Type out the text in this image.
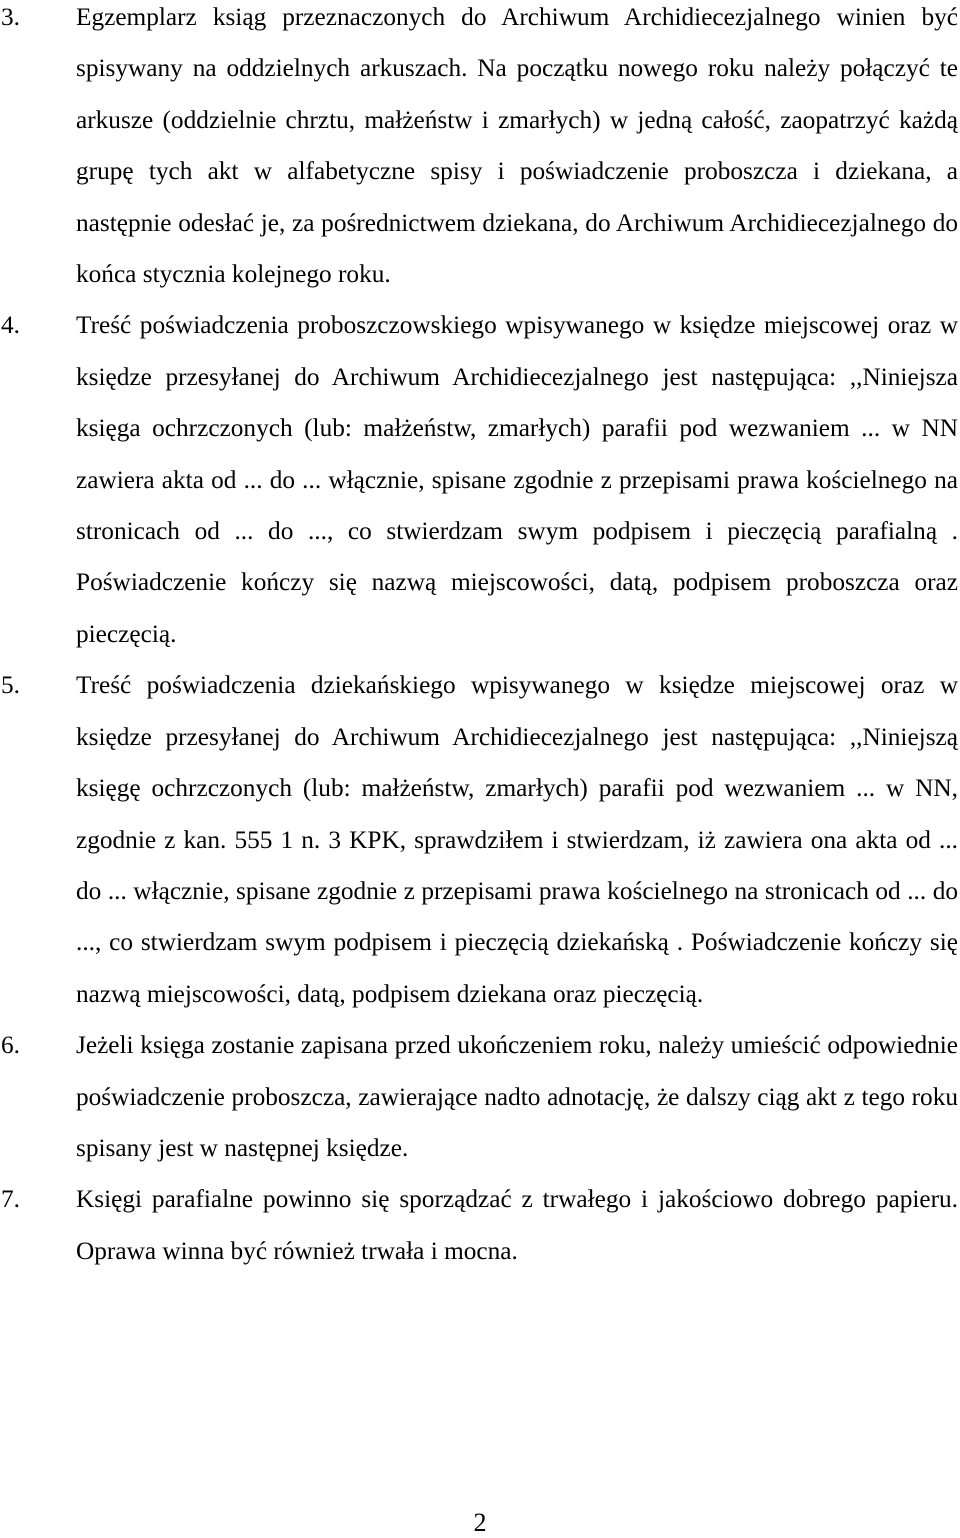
3. Egzemplarz ksiąg przeznaczonych do Archiwum Archidiecezjalnego winien być spisywany na oddzielnych arkuszach. Na początku nowego roku należy połączyć te arkusze (oddzielnie chrztu, małżeństw i zmarłych) w jedną całość, zaopatrzyć każdą grupę tych akt w alfabetyczne spisy i poświadczenie proboszcza i dziekana, a następnie odesłać je, za pośrednictwem dziekana, do Archiwum Archidiecezjalnego do końca stycznia kolejnego roku.
4. Treść poświadczenia proboszczowskiego wpisywanego w księdze miejscowej oraz w księdze przesyłanej do Archiwum Archidiecezjalnego jest następująca: ,,Niniejsza księga ochrzczonych (lub: małżeństw, zmarłych) parafii pod wezwaniem ... w NN zawiera akta od ... do ... włącznie, spisane zgodnie z przepisami prawa kościelnego na stronicach od ... do ..., co stwierdzam swym podpisem i pieczęcią parafialną . Poświadczenie kończy się nazwą miejscowości, datą, podpisem proboszcza oraz pieczęcią.
5. Treść poświadczenia dziekańskiego wpisywanego w księdze miejscowej oraz w księdze przesyłanej do Archiwum Archidiecezjalnego jest następująca: ,,Niniejszą księgę ochrzczonych (lub: małżeństw, zmarłych) parafii pod wezwaniem ... w NN, zgodnie z kan. 555 1 n. 3 KPK, sprawdziłem i stwierdzam, iż zawiera ona akta od ... do ... włącznie, spisane zgodnie z przepisami prawa kościelnego na stronicach od ... do ..., co stwierdzam swym podpisem i pieczęcią dziekańską . Poświadczenie kończy się nazwą miejscowości, datą, podpisem dziekana oraz pieczęcią.
6. Jeżeli księga zostanie zapisana przed ukończeniem roku, należy umieścić odpowiednie poświadczenie proboszcza, zawierające nadto adnotację, że dalszy ciąg akt z tego roku spisany jest w następnej księdze.
7. Księgi parafialne powinno się sporządzać z trwałego i jakościowo dobrego papieru. Oprawa winna być również trwała i mocna.
2
